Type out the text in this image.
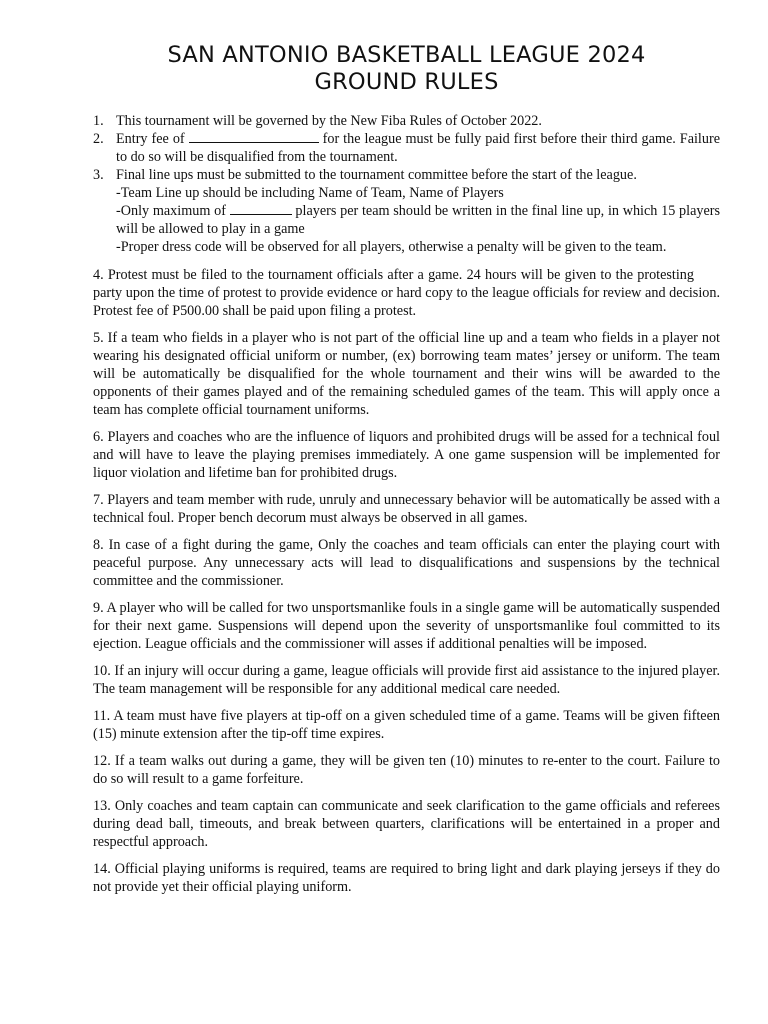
SAN ANTONIO BASKETBALL LEAGUE 2024
GROUND RULES
1. This tournament will be governed by the New Fiba Rules of October 2022.
2. Entry fee of	for the league must be fully paid first before their third game. Failure to do so will be disqualified from the tournament.
3. Final line ups must be submitted to the tournament committee before the start of the league.
-Team Line up should be including Name of Team, Name of Players
-Only maximum of	players per team should be written in the final line up, in which 15 players will be allowed to play in a game
-Proper dress code will be observed for all players, otherwise a penalty will be given to the team.

4. Protest must be filed to the tournament officials after a game. 24 hours will be given to the protestingparty upon the time of protest to provide evidence or hard copy to the league officials for review and decision. Protest fee of P500.00 shall be paid upon filing a protest.

5. If a team who fields in a player who is not part of the official line up and a team who fields in a player not wearing his designated official uniform or number, (ex) borrowing team mates’ jersey or uniform. The team will be automatically be disqualified for the whole tournament and their wins will be awarded to the opponents of their games played and of the remaining scheduled games of the team. This will apply once a team has complete official tournament uniforms.

6. Players and coaches who are the influence of liquors and prohibited drugs will be assed for a technical foul and will have to leave the playing premises immediately. A one game suspension will be implemented for liquor violation and lifetime ban for prohibited drugs.

7. Players and team member with rude, unruly and unnecessary behavior will be automatically be assed with a technical foul. Proper bench decorum must always be observed in all games.

8. In case of a fight during the game, Only the coaches and team officials can enter the playing court with peaceful purpose. Any unnecessary acts will lead to disqualifications and suspensions by the technical committee and the commissioner.

9. A player who will be called for two unsportsmanlike fouls in a single game will be automatically suspended for their next game. Suspensions will depend upon the severity of unsportsmanlike foul committed to its ejection. League officials and the commissioner will asses if additional penalties will be imposed.

10. If an injury will occur during a game, league officials will provide first aid assistance to the injured player. The team management will be responsible for any additional medical care needed.

11. A team must have five players at tip-off on a given scheduled time of a game. Teams will be given fifteen (15) minute extension after the tip-off time expires.

12. If a team walks out during a game, they will be given ten (10) minutes to re-enter to the court. Failure to do so will result to a game forfeiture.

13. Only coaches and team captain can communicate and seek clarification to the game officials and referees during dead ball, timeouts, and break between quarters, clarifications will be entertained in a proper and respectful approach.

14. Official playing uniforms is required, teams are required to bring light and dark playing jerseys if they do not provide yet their official playing uniform.
